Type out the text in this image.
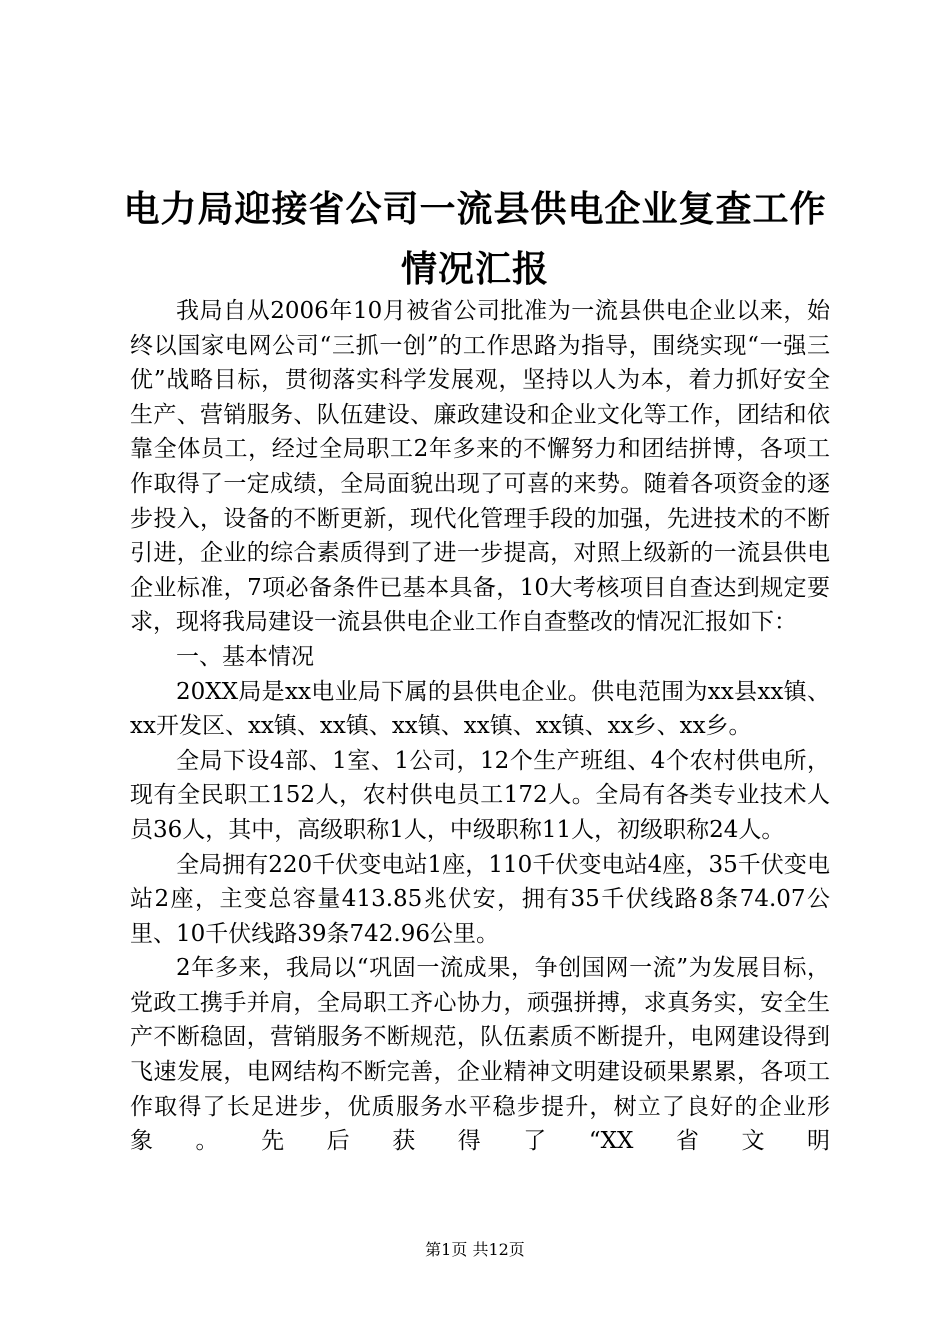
电力局迎接省公司一流县供电企业复查工作情况汇报

我局自从2006年10月被省公司批准为一流县供电企业以来，始终以国家电网公司“三抓一创”的工作思路为指导，围绕实现“一强三优”战略目标，贯彻落实科学发展观，坚持以人为本，着力抓好安全生产、营销服务、队伍建设、廉政建设和企业文化等工作，团结和依靠全体员工，经过全局职工2年多来的不懈努力和团结拼博，各项工作取得了一定成绩，全局面貌出现了可喜的来势。随着各项资金的逐步投入，设备的不断更新，现代化管理手段的加强，先进技术的不断引进，企业的综合素质得到了进一步提高，对照上级新的一流县供电企业标准，7项必备条件已基本具备，10大考核项目自查达到规定要求，现将我局建设一流县供电企业工作自查整改的情况汇报如下：

一、基本情况

20XX局是xx电业局下属的县供电企业。供电范围为xx县xx镇、xx开发区、xx镇、xx镇、xx镇、xx镇、xx镇、xx乡、xx乡。

全局下设4部、1室、1公司，12个生产班组、4个农村供电所，现有全民职工152人，农村供电员工172人。全局有各类专业技术人员36人，其中，高级职称1人，中级职称11人，初级职称24人。

全局拥有220千伏变电站1座，110千伏变电站4座，35千伏变电站2座，主变总容量413.85兆伏安，拥有35千伏线路8条74.07公里、10千伏线路39条742.96公里。

2年多来，我局以“巩固一流成果，争创国网一流”为发展目标，党政工携手并肩，全局职工齐心协力，顽强拼搏，求真务实，安全生产不断稳固，营销服务不断规范，队伍素质不断提升，电网建设得到飞速发展，电网结构不断完善，企业精神文明建设硕果累累，各项工作取得了长足进步，优质服务水平稳步提升，树立了良好的企业形象。先后获得了“XX省文明

第1页 共12页
